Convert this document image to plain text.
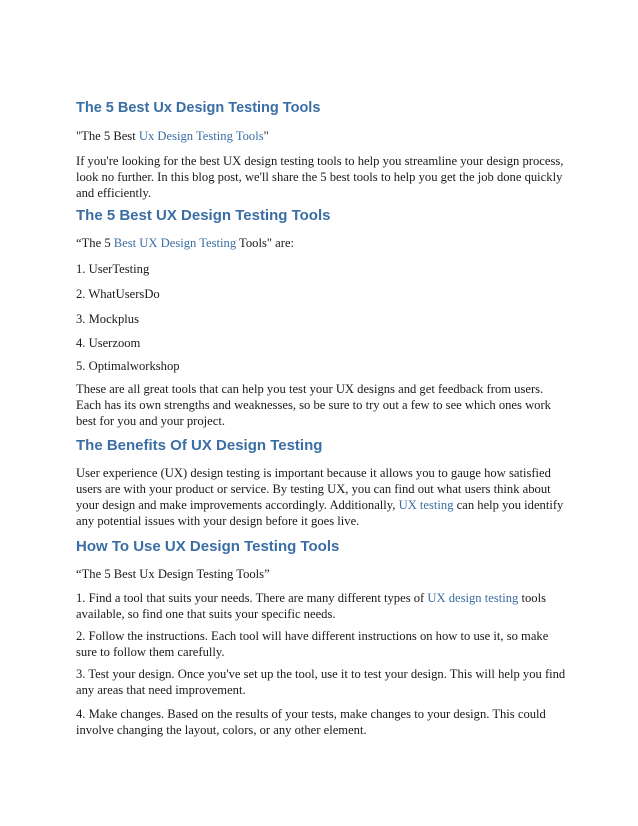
The 5 Best Ux Design Testing Tools

"The 5 Best Ux Design Testing Tools"

If you're looking for the best UX design testing tools to help you streamline your design process, look no further. In this blog post, we'll share the 5 best tools to help you get the job done quickly and efficiently.

The 5 Best UX Design Testing Tools

“The 5 Best UX Design Testing Tools" are:

1. UserTesting

2. WhatUsersDo

3. Mockplus

4. Userzoom

5. Optimalworkshop

These are all great tools that can help you test your UX designs and get feedback from users. Each has its own strengths and weaknesses, so be sure to try out a few to see which ones work best for you and your project.

The Benefits Of UX Design Testing

User experience (UX) design testing is important because it allows you to gauge how satisfied users are with your product or service. By testing UX, you can find out what users think about your design and make improvements accordingly. Additionally, UX testing can help you identify any potential issues with your design before it goes live.

How To Use UX Design Testing Tools

“The 5 Best Ux Design Testing Tools”

1. Find a tool that suits your needs. There are many different types of UX design testing tools available, so find one that suits your specific needs.

2. Follow the instructions. Each tool will have different instructions on how to use it, so make sure to follow them carefully.

3. Test your design. Once you've set up the tool, use it to test your design. This will help you find any areas that need improvement.

4. Make changes. Based on the results of your tests, make changes to your design. This could involve changing the layout, colors, or any other element.
